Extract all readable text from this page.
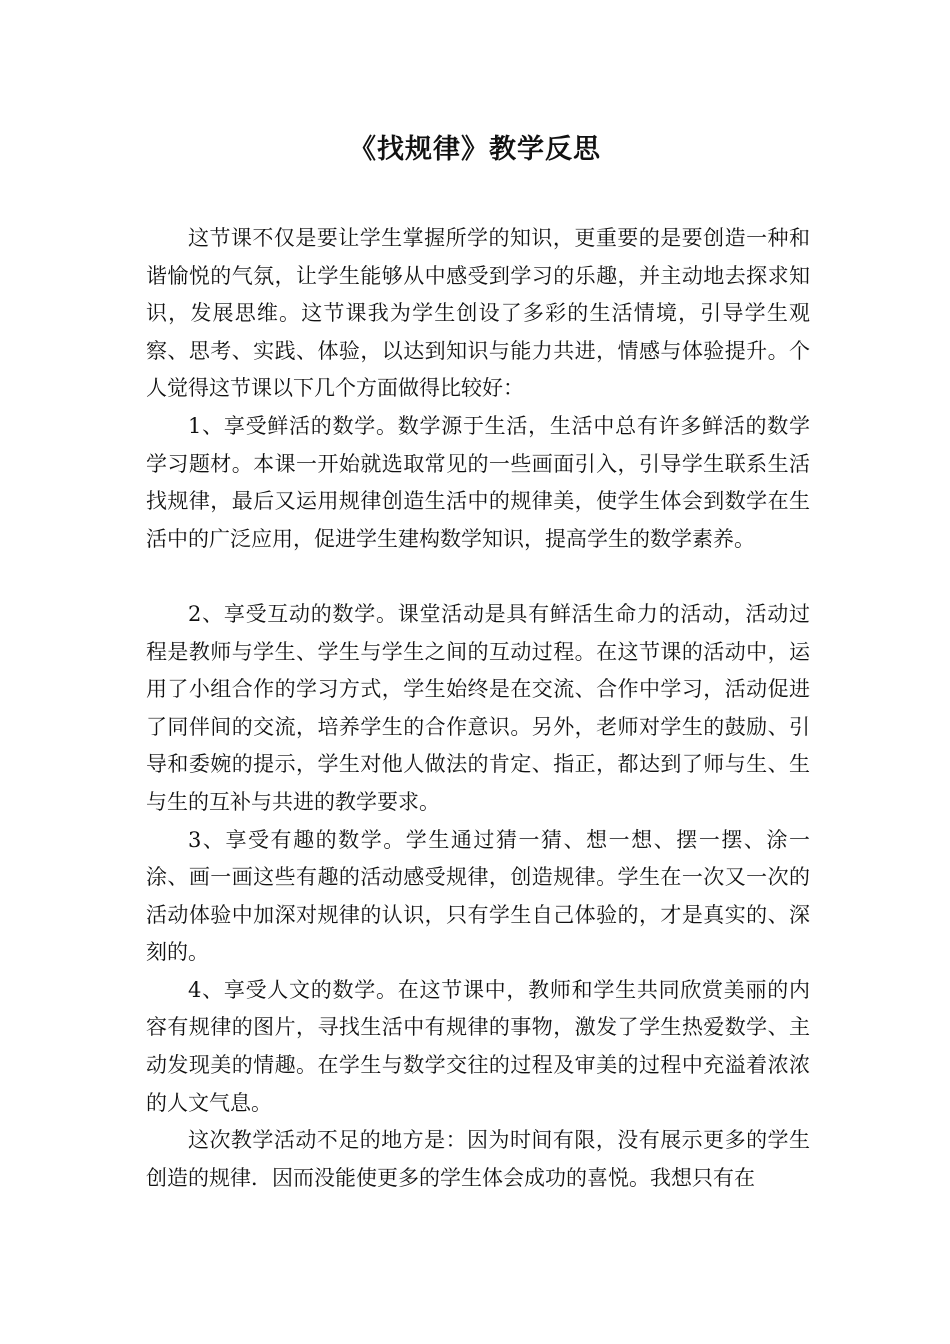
《找规律》教学反思

这节课不仅是要让学生掌握所学的知识，更重要的是要创造一种和谐愉悦的气氛，让学生能够从中感受到学习的乐趣，并主动地去探求知识，发展思维。这节课我为学生创设了多彩的生活情境，引导学生观察、思考、实践、体验，以达到知识与能力共进，情感与体验提升。个人觉得这节课以下几个方面做得比较好：

1、享受鲜活的数学。数学源于生活，生活中总有许多鲜活的数学学习题材。本课一开始就选取常见的一些画面引入，引导学生联系生活找规律，最后又运用规律创造生活中的规律美，使学生体会到数学在生活中的广泛应用，促进学生建构数学知识，提高学生的数学素养。

2、享受互动的数学。课堂活动是具有鲜活生命力的活动，活动过程是教师与学生、学生与学生之间的互动过程。在这节课的活动中，运用了小组合作的学习方式，学生始终是在交流、合作中学习，活动促进了同伴间的交流，培养学生的合作意识。另外，老师对学生的鼓励、引导和委婉的提示，学生对他人做法的肯定、指正，都达到了师与生、生与生的互补与共进的教学要求。

3、享受有趣的数学。学生通过猜一猜、想一想、摆一摆、涂一涂、画一画这些有趣的活动感受规律，创造规律。学生在一次又一次的活动体验中加深对规律的认识，只有学生自己体验的，才是真实的、深刻的。

4、享受人文的数学。在这节课中，教师和学生共同欣赏美丽的内容有规律的图片，寻找生活中有规律的事物，激发了学生热爱数学、主动发现美的情趣。在学生与数学交往的过程及审美的过程中充溢着浓浓的人文气息。

这次教学活动不足的地方是：因为时间有限，没有展示更多的学生创造的规律．因而没能使更多的学生体会成功的喜悦。我想只有在
